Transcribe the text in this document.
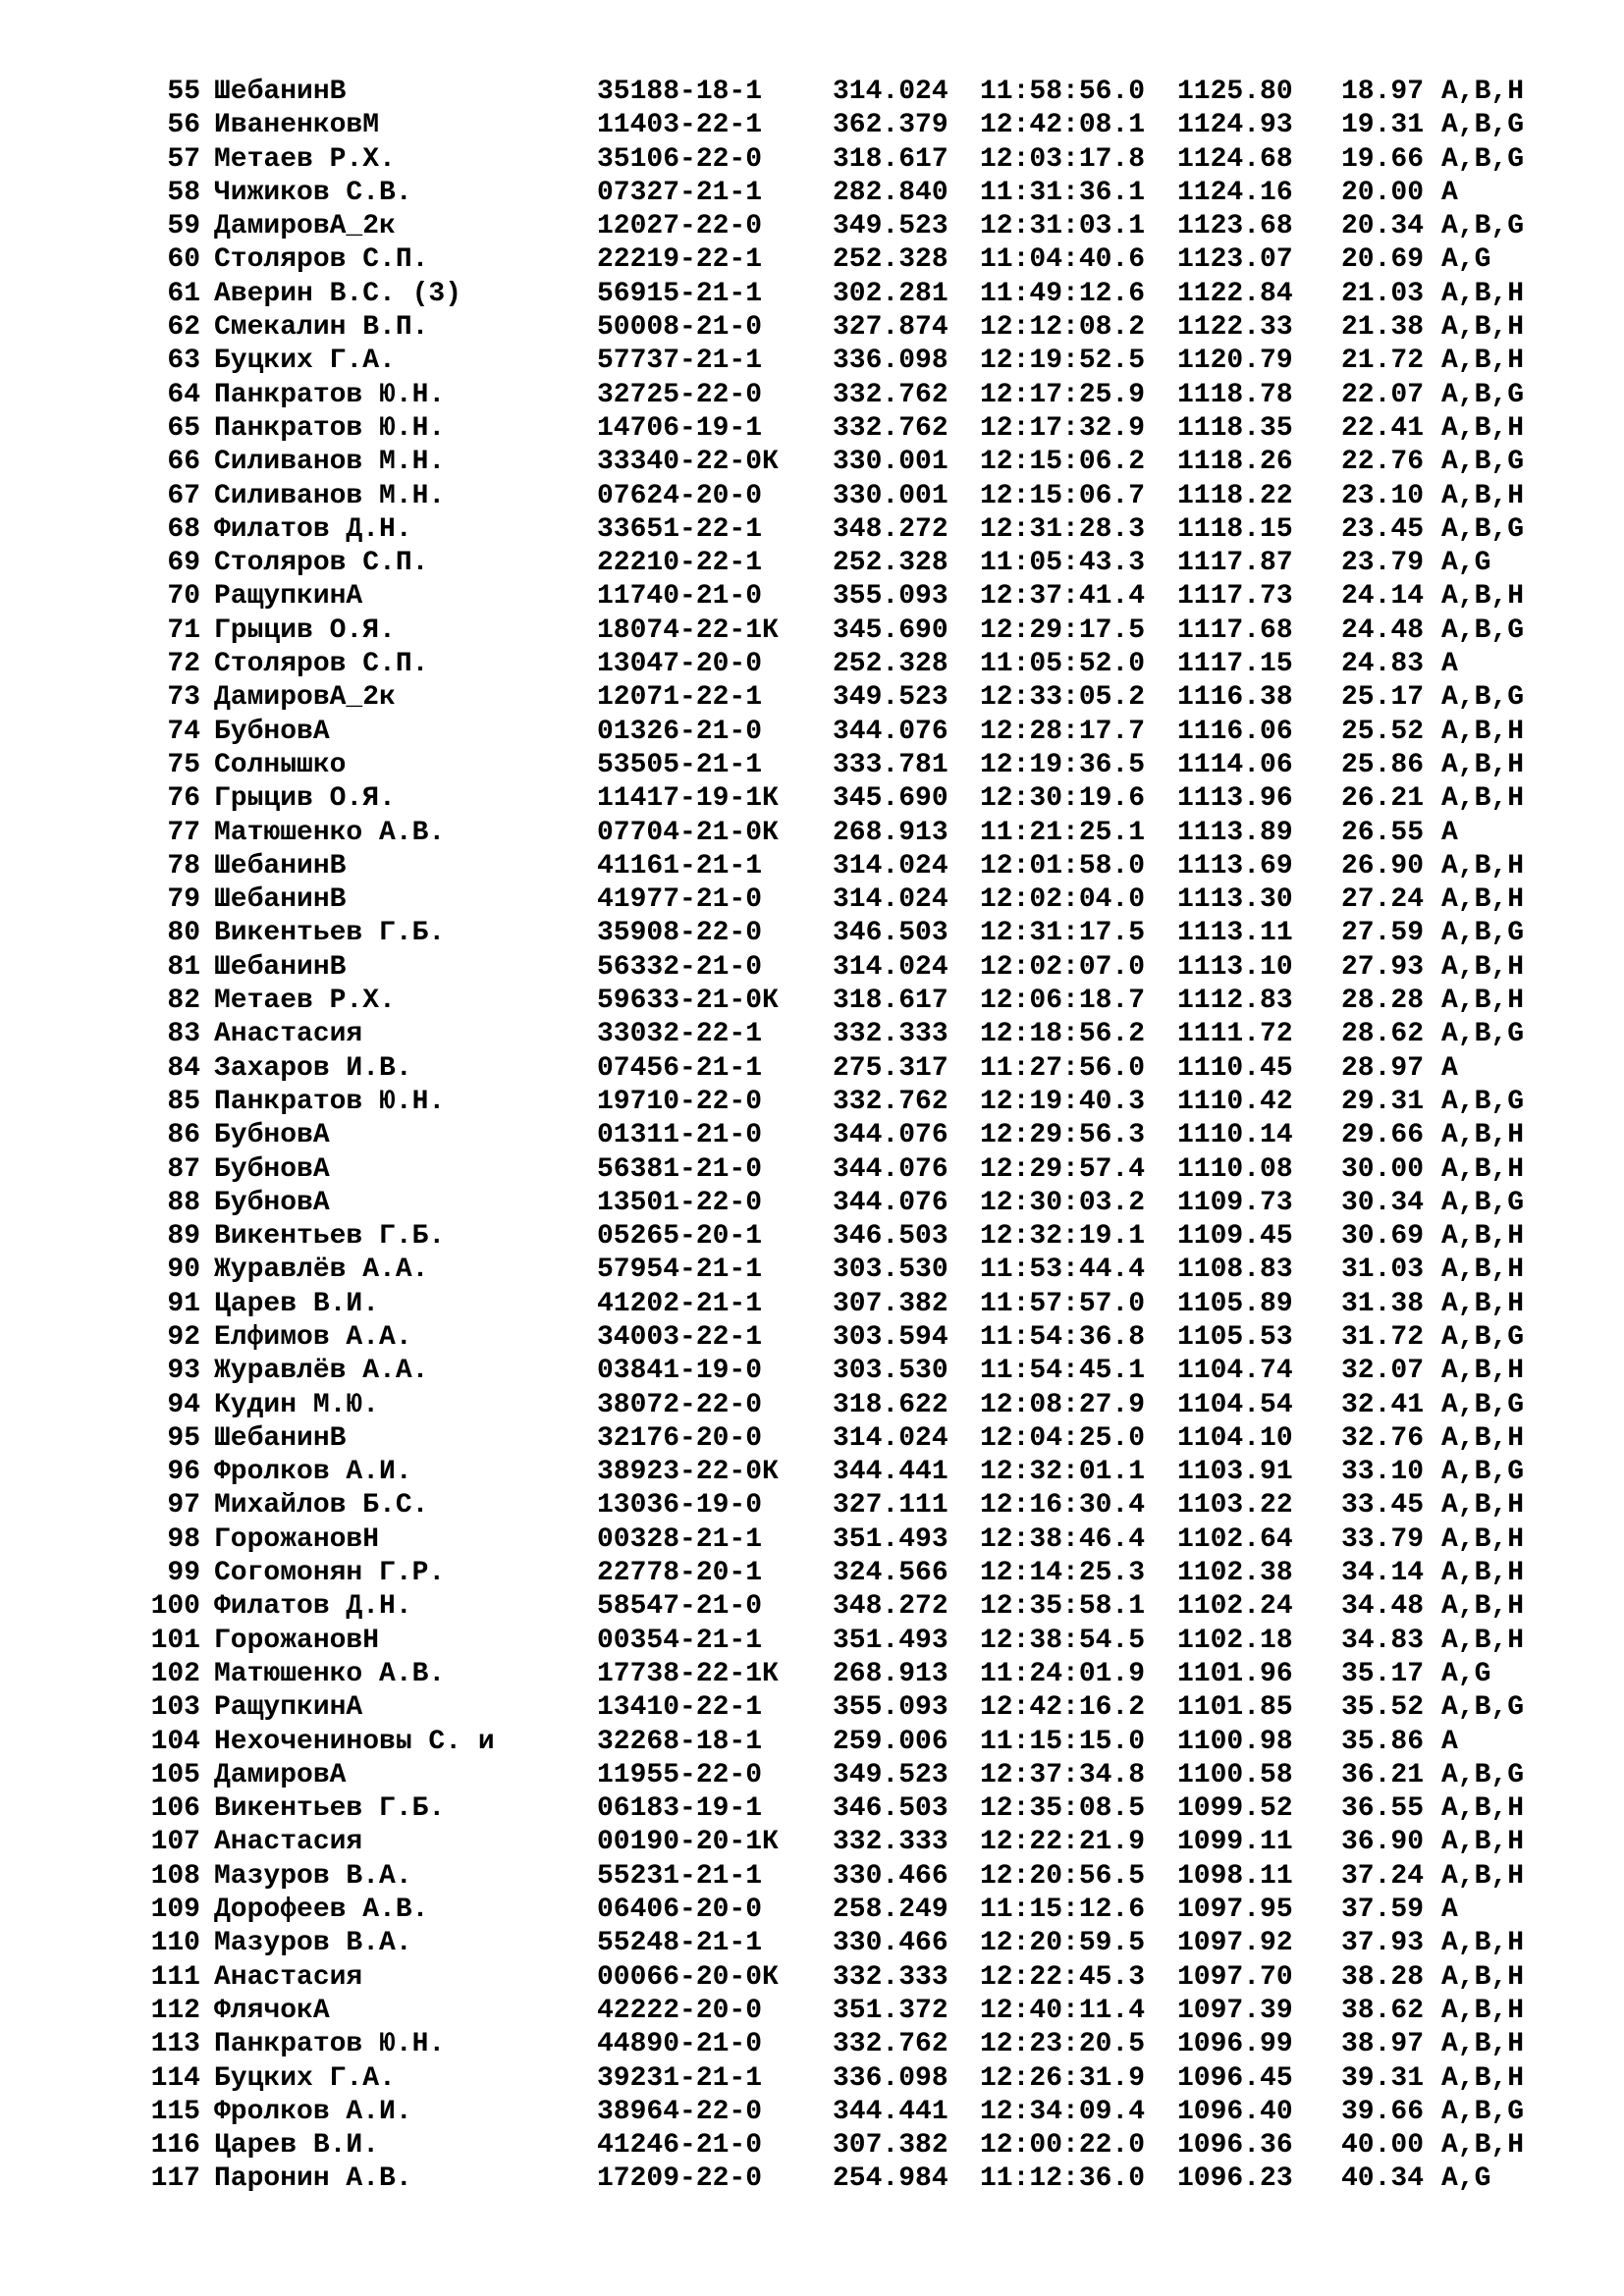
55 ШебанинВ	35188-18-1	314.024 11:58:56.0 1125.80 18.97 A,B,H
56 ИваненковМ	11403-22-1	362.379 12:42:08.1 1124.93 19.31 A,B,G
57 Метаев Р.Х.	35106-22-0	318.617 12:03:17.8 1124.68 19.66 A,B,G
58 Чижиков С.В.	07327-21-1	282.840 11:31:36.1 1124.16 20.00 A
59 ДамировА_2к	12027-22-0	349.523 12:31:03.1 1123.68 20.34 A,B,G
60 Столяров С.П.	22219-22-1	252.328 11:04:40.6 1123.07 20.69 A,G
61 Аверин В.С. (3)	56915-21-1	302.281 11:49:12.6 1122.84 21.03 A,B,H
62 Смекалин В.П.	50008-21-0	327.874 12:12:08.2 1122.33 21.38 A,B,H
63 Буцких Г.А.	57737-21-1	336.098 12:19:52.5 1120.79 21.72 A,B,H
64 Панкратов Ю.Н.	32725-22-0	332.762 12:17:25.9 1118.78 22.07 A,B,G
65 Панкратов Ю.Н.	14706-19-1	332.762 12:17:32.9 1118.35 22.41 A,B,H
66 Силиванов М.Н.	33340-22-0К 330.001 12:15:06.2 1118.26 22.76 A,B,G
67 Силиванов М.Н.	07624-20-0	330.001 12:15:06.7 1118.22 23.10 A,B,H
68 Филатов Д.Н.	33651-22-1	348.272 12:31:28.3 1118.15 23.45 A,B,G
69 Столяров С.П.	22210-22-1	252.328 11:05:43.3 1117.87 23.79 A,G
70 РащупкинА	11740-21-0	355.093 12:37:41.4 1117.73 24.14 A,B,H
71 Грыцив О.Я.	18074-22-1К 345.690 12:29:17.5 1117.68 24.48 A,B,G
72 Столяров С.П.	13047-20-0	252.328 11:05:52.0 1117.15 24.83 A
73 ДамировА_2к	12071-22-1	349.523 12:33:05.2 1116.38 25.17 A,B,G
74 БубновА	01326-21-0	344.076 12:28:17.7 1116.06 25.52 A,B,H
75 Солнышко	53505-21-1	333.781 12:19:36.5 1114.06 25.86 A,B,H
76 Грыцив О.Я.	11417-19-1К 345.690 12:30:19.6 1113.96 26.21 A,B,H
77 Матюшенко А.В.	07704-21-0К 268.913 11:21:25.1 1113.89 26.55 A
78 ШебанинВ	41161-21-1	314.024 12:01:58.0 1113.69 26.90 A,B,H
79 ШебанинВ	41977-21-0	314.024 12:02:04.0 1113.30 27.24 A,B,H
80 Викентьев Г.Б.	35908-22-0	346.503 12:31:17.5 1113.11 27.59 A,B,G
81 ШебанинВ	56332-21-0	314.024 12:02:07.0 1113.10 27.93 A,B,H
82 Метаев Р.Х.	59633-21-0К 318.617 12:06:18.7 1112.83 28.28 A,B,H
83 Анастасия	33032-22-1	332.333 12:18:56.2 1111.72 28.62 A,B,G
84 Захаров И.В.	07456-21-1	275.317 11:27:56.0 1110.45 28.97 A
85 Панкратов Ю.Н.	19710-22-0	332.762 12:19:40.3 1110.42 29.31 A,B,G
86 БубновА	01311-21-0	344.076 12:29:56.3 1110.14 29.66 A,B,H
87 БубновА	56381-21-0	344.076 12:29:57.4 1110.08 30.00 A,B,H
88 БубновА	13501-22-0	344.076 12:30:03.2 1109.73 30.34 A,B,G
89 Викентьев Г.Б.	05265-20-1	346.503 12:32:19.1 1109.45 30.69 A,B,H
90 Журавлёв А.А.	57954-21-1	303.530 11:53:44.4 1108.83 31.03 A,B,H
91 Царев В.И.	41202-21-1	307.382 11:57:57.0 1105.89 31.38 A,B,H
92 Елфимов А.А.	34003-22-1	303.594 11:54:36.8 1105.53 31.72 A,B,G
93 Журавлёв А.А.	03841-19-0	303.530 11:54:45.1 1104.74 32.07 A,B,H
94 Кудин М.Ю.	38072-22-0	318.622 12:08:27.9 1104.54 32.41 A,B,G
95 ШебанинВ	32176-20-0	314.024 12:04:25.0 1104.10 32.76 A,B,H
96 Фролков А.И.	38923-22-0К 344.441 12:32:01.1 1103.91 33.10 A,B,G
97 Михайлов Б.С.	13036-19-0	327.111 12:16:30.4 1103.22 33.45 A,B,H
98 ГорожановН	00328-21-1	351.493 12:38:46.4 1102.64 33.79 A,B,H
99 Согомонян Г.Р.	22778-20-1	324.566 12:14:25.3 1102.38 34.14 A,B,H
100 Филатов Д.Н.	58547-21-0	348.272 12:35:58.1 1102.24 34.48 A,B,H
101 ГорожановН	00354-21-1	351.493 12:38:54.5 1102.18 34.83 A,B,H
102 Матюшенко А.В.	17738-22-1К 268.913 11:24:01.9 1101.96 35.17 A,G
103 РащупкинА	13410-22-1	355.093 12:42:16.2 1101.85 35.52 A,B,G
104 Нехочениновы С. и	32268-18-1	259.006 11:15:15.0 1100.98 35.86 A
105 ДамировА	11955-22-0	349.523 12:37:34.8 1100.58 36.21 A,B,G
106 Викентьев Г.Б.	06183-19-1	346.503 12:35:08.5 1099.52 36.55 A,B,H
107 Анастасия	00190-20-1К 332.333 12:22:21.9 1099.11 36.90 A,B,H
108 Мазуров В.А.	55231-21-1	330.466 12:20:56.5 1098.11 37.24 A,B,H
109 Дорофеев А.В.	06406-20-0	258.249 11:15:12.6 1097.95 37.59 A
110 Мазуров В.А.	55248-21-1	330.466 12:20:59.5 1097.92 37.93 A,B,H
111 Анастасия	00066-20-0К 332.333 12:22:45.3 1097.70 38.28 A,B,H
112 ФлячокА	42222-20-0	351.372 12:40:11.4 1097.39 38.62 A,B,H
113 Панкратов Ю.Н.	44890-21-0	332.762 12:23:20.5 1096.99 38.97 A,B,H
114 Буцких Г.А.	39231-21-1	336.098 12:26:31.9 1096.45 39.31 A,B,H
115 Фролков А.И.	38964-22-0	344.441 12:34:09.4 1096.40 39.66 A,B,G
116 Царев В.И.	41246-21-0	307.382 12:00:22.0 1096.36 40.00 A,B,H
117 Паронин А.В.	17209-22-0	254.984 11:12:36.0 1096.23 40.34 A,G
